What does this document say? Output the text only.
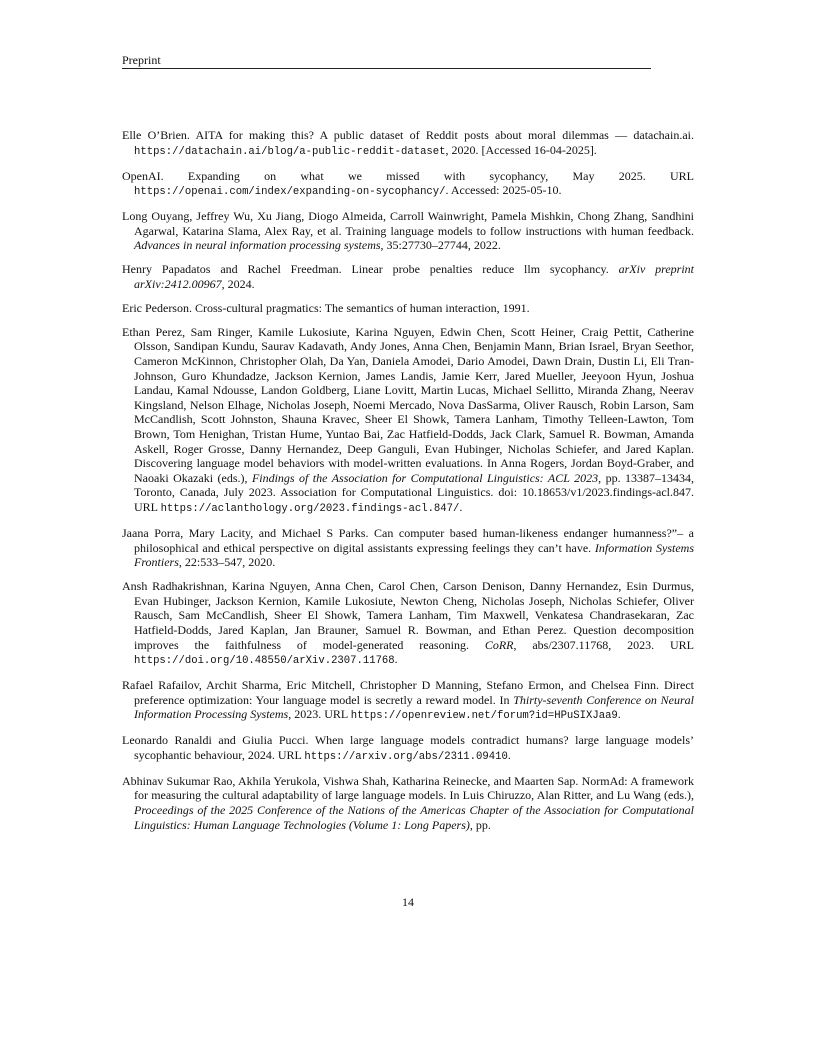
Preprint

Elle O’Brien. AITA for making this? A public dataset of Reddit posts about moral dilemmas — datachain.ai. https://datachain.ai/blog/a-public-reddit-dataset, 2020. [Accessed 16-04-2025].

OpenAI. Expanding on what we missed with sycophancy, May 2025. URL https://openai.com/index/expanding-on-sycophancy/. Accessed: 2025-05-10.

Long Ouyang, Jeffrey Wu, Xu Jiang, Diogo Almeida, Carroll Wainwright, Pamela Mishkin, Chong Zhang, Sandhini Agarwal, Katarina Slama, Alex Ray, et al. Training language models to follow instructions with human feedback. Advances in neural information processing systems, 35:27730–27744, 2022.

Henry Papadatos and Rachel Freedman. Linear probe penalties reduce llm sycophancy. arXiv preprint arXiv:2412.00967, 2024.

Eric Pederson. Cross-cultural pragmatics: The semantics of human interaction, 1991.

Ethan Perez, Sam Ringer, Kamile Lukosiute, Karina Nguyen, Edwin Chen, Scott Heiner, Craig Pettit, Catherine Olsson, Sandipan Kundu, Saurav Kadavath, Andy Jones, Anna Chen, Benjamin Mann, Brian Israel, Bryan Seethor, Cameron McKinnon, Christopher Olah, Da Yan, Daniela Amodei, Dario Amodei, Dawn Drain, Dustin Li, Eli Tran-Johnson, Guro Khundadze, Jackson Kernion, James Landis, Jamie Kerr, Jared Mueller, Jeeyoon Hyun, Joshua Landau, Kamal Ndousse, Landon Goldberg, Liane Lovitt, Martin Lucas, Michael Sellitto, Miranda Zhang, Neerav Kingsland, Nelson Elhage, Nicholas Joseph, Noemi Mercado, Nova DasSarma, Oliver Rausch, Robin Larson, Sam McCandlish, Scott Johnston, Shauna Kravec, Sheer El Showk, Tamera Lanham, Timothy Telleen-Lawton, Tom Brown, Tom Henighan, Tristan Hume, Yuntao Bai, Zac Hatfield-Dodds, Jack Clark, Samuel R. Bowman, Amanda Askell, Roger Grosse, Danny Hernandez, Deep Ganguli, Evan Hubinger, Nicholas Schiefer, and Jared Kaplan. Discovering language model behaviors with model-written evaluations. In Anna Rogers, Jordan Boyd-Graber, and Naoaki Okazaki (eds.), Findings of the Association for Computational Linguistics: ACL 2023, pp. 13387–13434, Toronto, Canada, July 2023. Association for Computational Linguistics. doi: 10.18653/v1/2023.findings-acl.847. URL https://aclanthology.org/2023.findings-acl.847/.

Jaana Porra, Mary Lacity, and Michael S Parks. Can computer based human-likeness endanger humanness?”– a philosophical and ethical perspective on digital assistants expressing feelings they can’t have. Information Systems Frontiers, 22:533–547, 2020.

Ansh Radhakrishnan, Karina Nguyen, Anna Chen, Carol Chen, Carson Denison, Danny Hernandez, Esin Durmus, Evan Hubinger, Jackson Kernion, Kamile Lukosiute, Newton Cheng, Nicholas Joseph, Nicholas Schiefer, Oliver Rausch, Sam McCandlish, Sheer El Showk, Tamera Lanham, Tim Maxwell, Venkatesa Chandrasekaran, Zac Hatfield-Dodds, Jared Kaplan, Jan Brauner, Samuel R. Bowman, and Ethan Perez. Question decomposition improves the faithfulness of model-generated reasoning. CoRR, abs/2307.11768, 2023. URL https://doi.org/10.48550/arXiv.2307.11768.

Rafael Rafailov, Archit Sharma, Eric Mitchell, Christopher D Manning, Stefano Ermon, and Chelsea Finn. Direct preference optimization: Your language model is secretly a reward model. In Thirty-seventh Conference on Neural Information Processing Systems, 2023. URL https://openreview.net/forum?id=HPuSIXJaa9.

Leonardo Ranaldi and Giulia Pucci. When large language models contradict humans? large language models’ sycophantic behaviour, 2024. URL https://arxiv.org/abs/2311.09410.

Abhinav Sukumar Rao, Akhila Yerukola, Vishwa Shah, Katharina Reinecke, and Maarten Sap. NormAd: A framework for measuring the cultural adaptability of large language models. In Luis Chiruzzo, Alan Ritter, and Lu Wang (eds.), Proceedings of the 2025 Conference of the Nations of the Americas Chapter of the Association for Computational Linguistics: Human Language Technologies (Volume 1: Long Papers), pp.

14
